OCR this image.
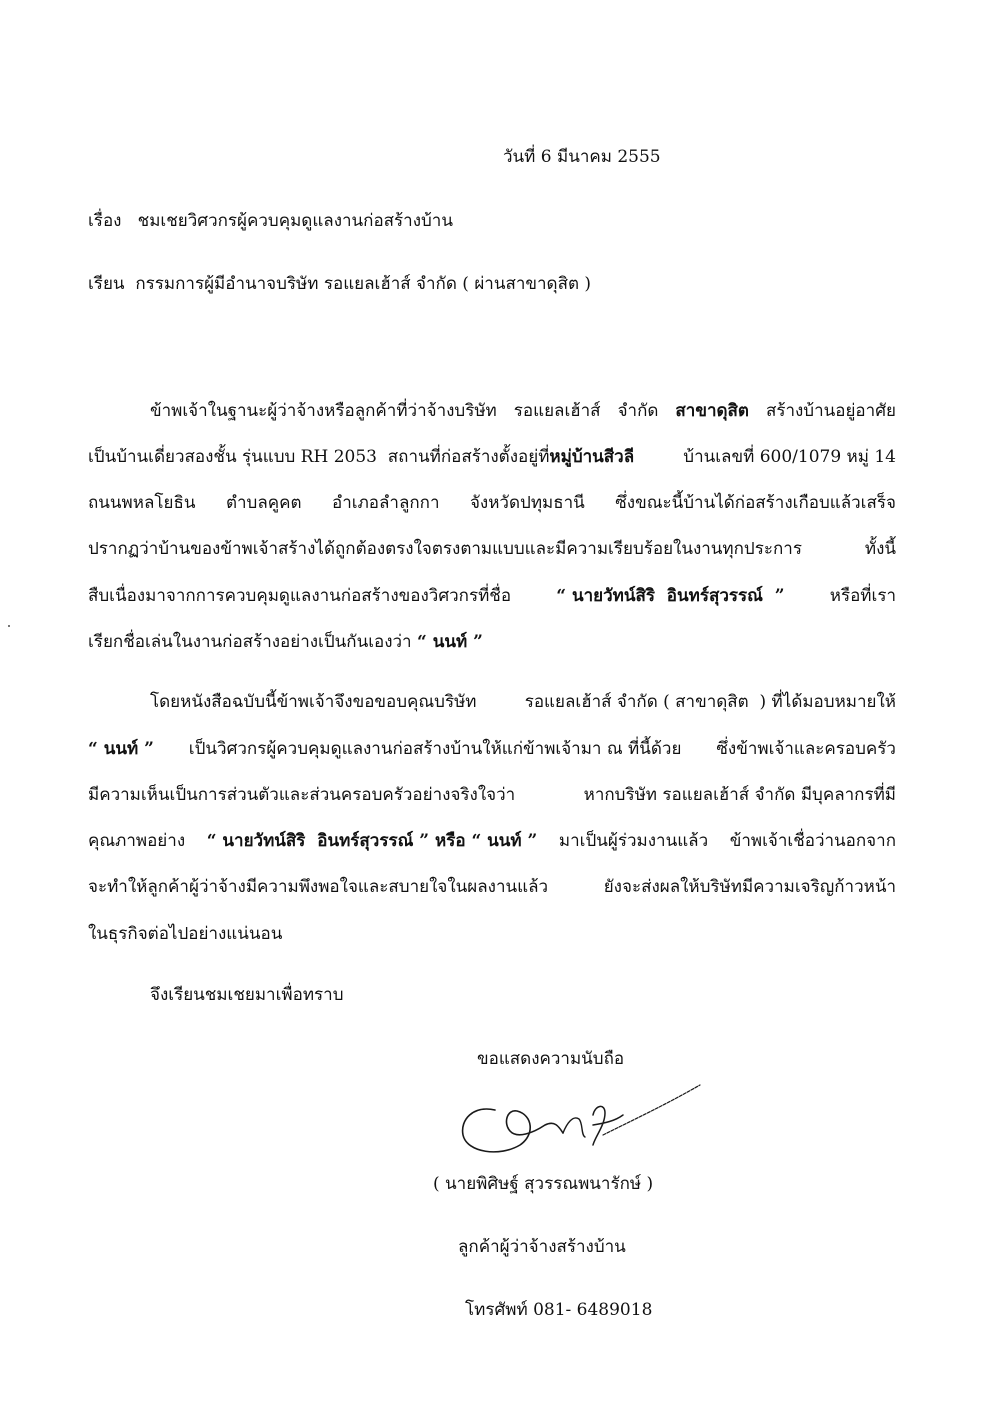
วันที่ 6 มีนาคม 2555
เรื่อง ชมเชยวิศวกรผู้ควบคุมดูแลงานก่อสร้างบ้าน
เรียน กรรมการผู้มีอำนาจบริษัท รอแยลเฮ้าส์ จำกัด ( ผ่านสาขาดุสิต )
ข้าพเจ้าในฐานะผู้ว่าจ้างหรือลูกค้าที่ว่าจ้างบริษัท รอแยลเฮ้าส์ จำกัด สาขาดุสิต สร้างบ้านอยู่อาศัย
เป็นบ้านเดี่ยวสองชั้น รุ่นแบบ RH 2053  สถานที่ก่อสร้างตั้งอยู่ที่หมู่บ้านสีวลี	บ้านเลขที่ 600/1079 หมู่ 14
ถนนพหลโยธิน ตำบลคูคต อำเภอลำลูกกา จังหวัดปทุมธานี ซึ่งขณะนี้บ้านได้ก่อสร้างเกือบแล้วเสร็จ
ปรากฏว่าบ้านของข้าพเจ้าสร้างได้ถูกต้องตรงใจตรงตามแบบและมีความเรียบร้อยในงานทุกประการ	ทั้งนี้
สืบเนื่องมาจากการควบคุมดูแลงานก่อสร้างของวิศวกรที่ชื่อ	“ นายวัทน์สิริ  อินทร์สุวรรณ์  ”	หรือที่เรา
เรียกชื่อเล่นในงานก่อสร้างอย่างเป็นกันเองว่า “ นนท์ ”
โดยหนังสือฉบับนี้ข้าพเจ้าจึงขอขอบคุณบริษัท	รอแยลเฮ้าส์ จำกัด ( สาขาดุสิต  ) ที่ได้มอบหมายให้
“ นนท์ ” เป็นวิศวกรผู้ควบคุมดูแลงานก่อสร้างบ้านให้แก่ข้าพเจ้ามา ณ ที่นี้ด้วย ซึ่งข้าพเจ้าและครอบครัว
มีความเห็นเป็นการส่วนตัวและส่วนครอบครัวอย่างจริงใจว่า	หากบริษัท รอแยลเฮ้าส์ จำกัด มีบุคลากรที่มี
คุณภาพอย่าง “ นายวัทน์สิริ  อินทร์สุวรรณ์ ” หรือ “ นนท์ ” มาเป็นผู้ร่วมงานแล้ว ข้าพเจ้าเชื่อว่านอกจาก
จะทำให้ลูกค้าผู้ว่าจ้างมีความพึงพอใจและสบายใจในผลงานแล้ว	ยังจะส่งผลให้บริษัทมีความเจริญก้าวหน้า
ในธุรกิจต่อไปอย่างแน่นอน
จึงเรียนชมเชยมาเพื่อทราบ
ขอแสดงความนับถือ
( นายพิศิษฐ์ สุวรรณพนารักษ์ )
ลูกค้าผู้ว่าจ้างสร้างบ้าน
โทรศัพท์ 081- 6489018
